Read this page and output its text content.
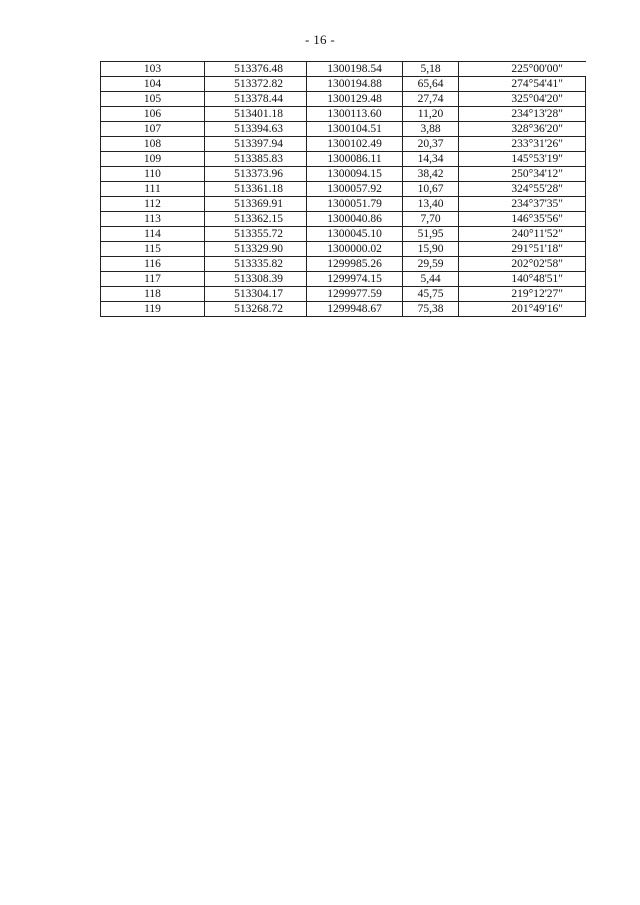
- 16 -
103	513376.48	1300198.54	5,18	225°00'00"
104	513372.82	1300194.88	65,64	274°54'41"
105	513378.44	1300129.48	27,74	325°04'20"
106	513401.18	1300113.60	11,20	234°13'28"
107	513394.63	1300104.51	3,88	328°36'20"
108	513397.94	1300102.49	20,37	233°31'26"
109	513385.83	1300086.11	14,34	145°53'19"
110	513373.96	1300094.15	38,42	250°34'12"
111	513361.18	1300057.92	10,67	324°55'28"
112	513369.91	1300051.79	13,40	234°37'35"
113	513362.15	1300040.86	7,70	146°35'56"
114	513355.72	1300045.10	51,95	240°11'52"
115	513329.90	1300000.02	15,90	291°51'18"
116	513335.82	1299985.26	29,59	202°02'58"
117	513308.39	1299974.15	5,44	140°48'51"
118	513304.17	1299977.59	45,75	219°12'27"
119	513268.72	1299948.67	75,38	201°49'16"
